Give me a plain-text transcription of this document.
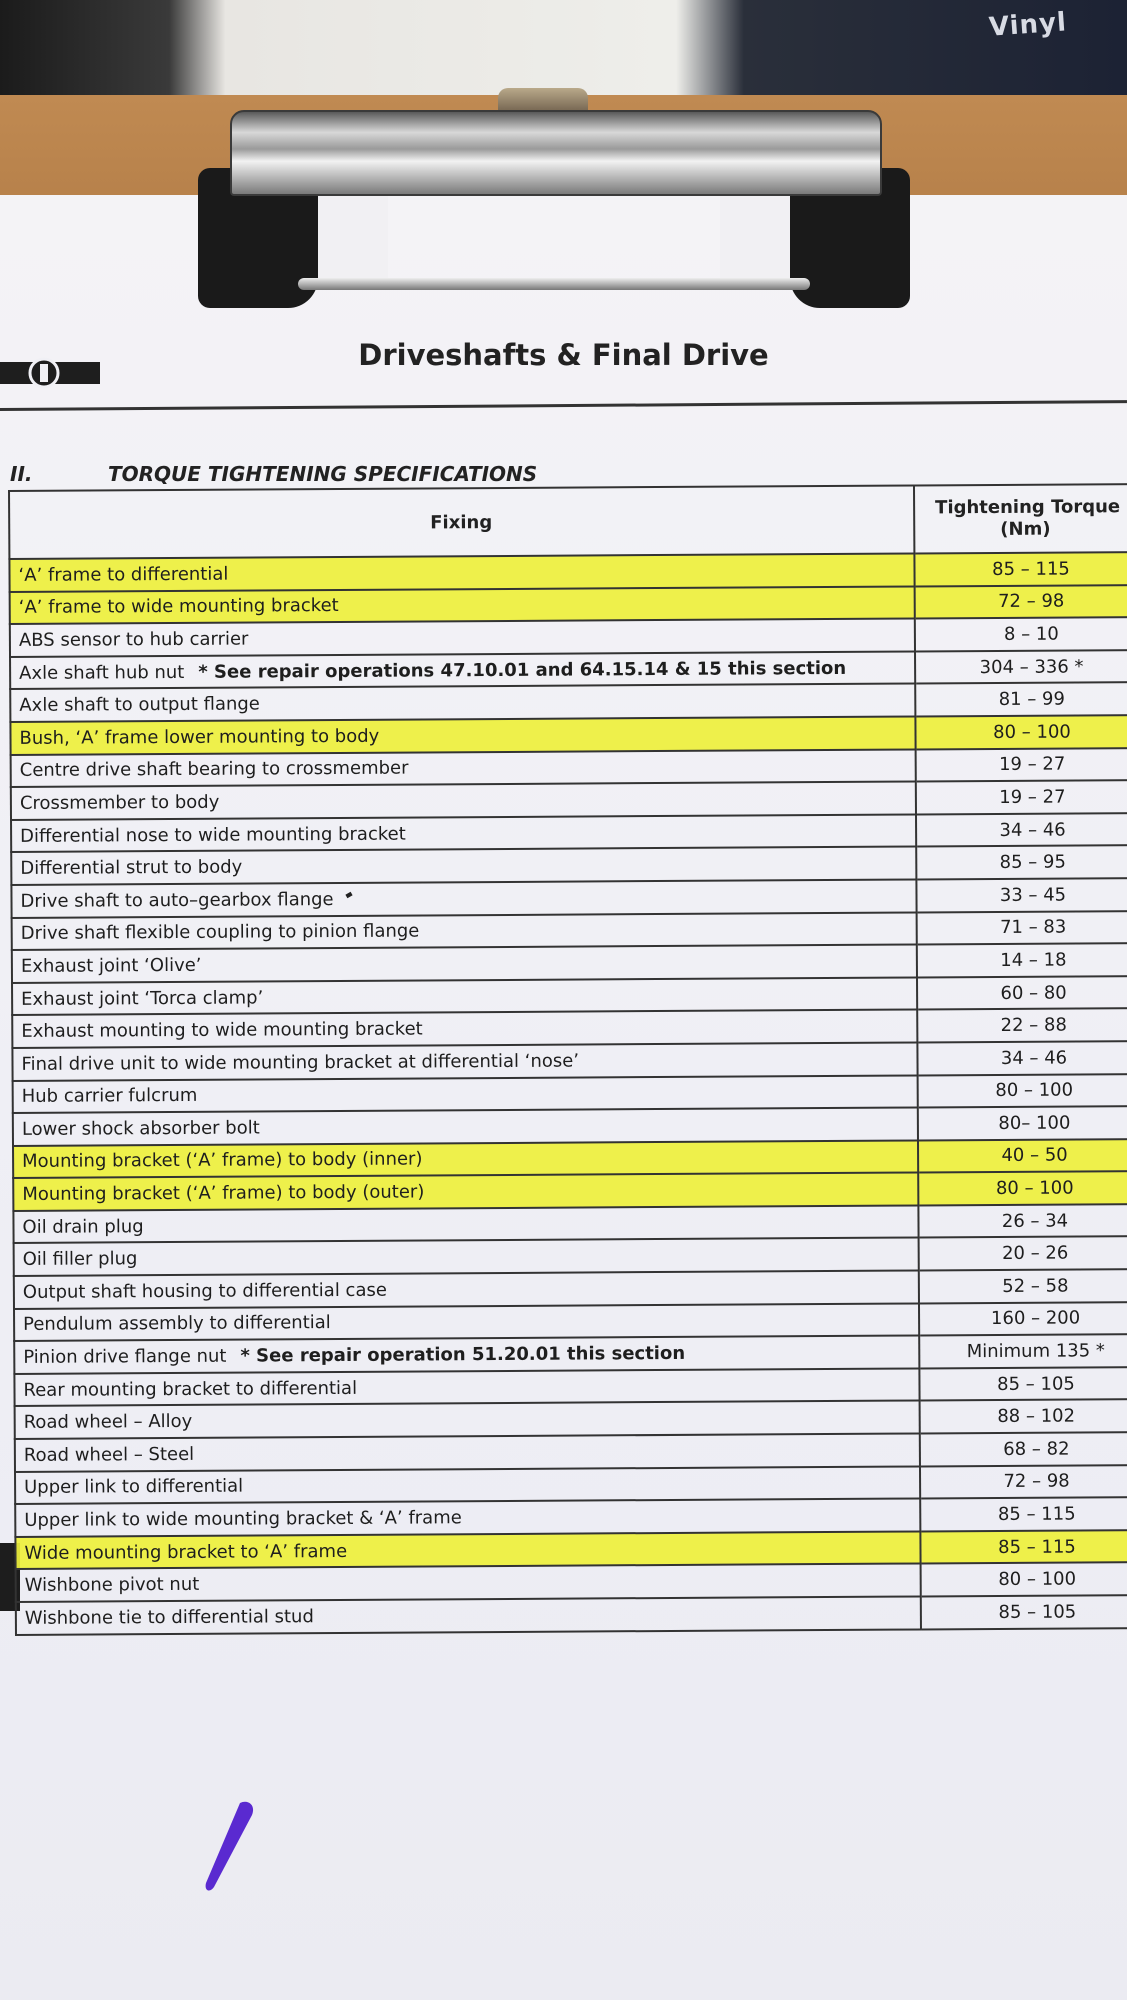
Vinyl
Driveshafts & Final Drive
II.	TORQUE TIGHTENING SPECIFICATIONS
Fixing	Tightening Torque
(Nm)
‘A’ frame to differential	85 – 115
‘A’ frame to wide mounting bracket	72 – 98
ABS sensor to hub carrier	8 – 10
Axle shaft hub nut * See repair operations 47.10.01 and 64.15.14 & 15 this section	304 – 336 *
Axle shaft to output flange	81 – 99
Bush, ‘A’ frame lower mounting to body	80 – 100
Centre drive shaft bearing to crossmember	19 – 27
Crossmember to body	19 – 27
Differential nose to wide mounting bracket	34 – 46
Differential strut to body	85 – 95
Drive shaft to auto–gearbox flange	33 – 45
Drive shaft flexible coupling to pinion flange	71 – 83
Exhaust joint ‘Olive’	14 – 18
Exhaust joint ‘Torca clamp’	60 – 80
Exhaust mounting to wide mounting bracket	22 – 88
Final drive unit to wide mounting bracket at differential ‘nose’	34 – 46
Hub carrier fulcrum	80 – 100
Lower shock absorber bolt	80– 100
Mounting bracket (‘A’ frame) to body (inner)	40 – 50
Mounting bracket (‘A’ frame) to body (outer)	80 – 100
Oil drain plug	26 – 34
Oil filler plug	20 – 26
Output shaft housing to differential case	52 – 58
Pendulum assembly to differential	160 – 200
Pinion drive flange nut * See repair operation 51.20.01 this section	Minimum 135 *
Rear mounting bracket to differential	85 – 105
Road wheel – Alloy	88 – 102
Road wheel – Steel	68 – 82
Upper link to differential	72 – 98
Upper link to wide mounting bracket & ‘A’ frame	85 – 115
Wide mounting bracket to ‘A’ frame	85 – 115
Wishbone pivot nut	80 – 100
Wishbone tie to differential stud	85 – 105
